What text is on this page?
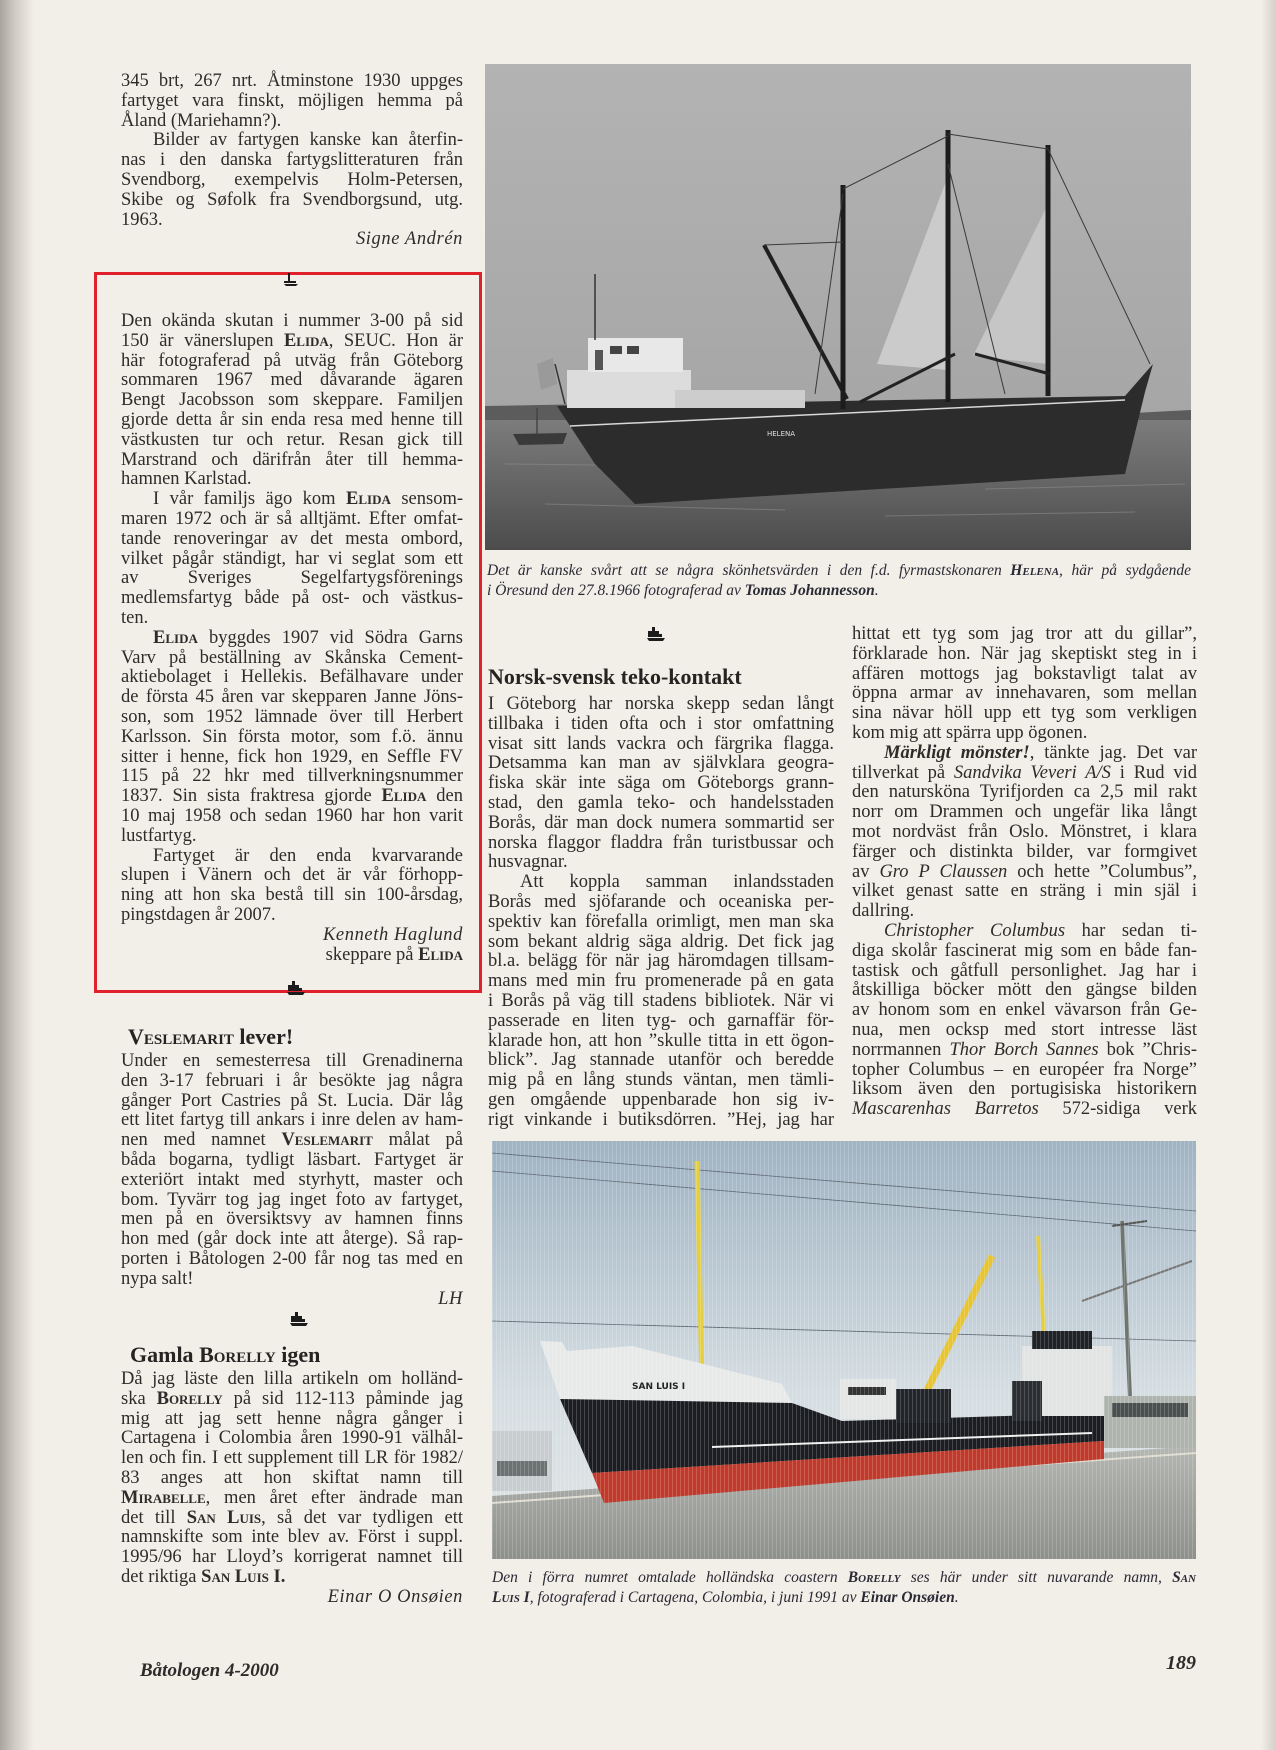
345 brt, 267 nrt. Åtminstone 1930 uppges
fartyget vara finskt, möjligen hemma på
Åland (Mariehamn?).
Bilder av fartygen kanske kan återfin-
nas i den danska fartygslitteraturen från
Svendborg, exempelvis Holm-Petersen,
Skibe og Søfolk fra Svendborgsund, utg.
1963.
Signe Andrén
Den okända skutan i nummer 3-00 på sid
150 är vänerslupen Elida, SEUC. Hon är
här fotograferad på utväg från Göteborg
sommaren 1967 med dåvarande ägaren
Bengt Jacobsson som skeppare. Familjen
gjorde detta år sin enda resa med henne till
västkusten tur och retur. Resan gick till
Marstrand och därifrån åter till hemma-
hamnen Karlstad.
I vår familjs ägo kom Elida sensom-
maren 1972 och är så alltjämt. Efter omfat-
tande renoveringar av det mesta ombord,
vilket pågår ständigt, har vi seglat som ett
av Sveriges Segelfartygsförenings
medlemsfartyg både på ost- och västkus-
ten.
Elida byggdes 1907 vid Södra Garns
Varv på beställning av Skånska Cement-
aktiebolaget i Hellekis. Befälhavare under
de första 45 åren var skepparen Janne Jöns-
son, som 1952 lämnade över till Herbert
Karlsson. Sin första motor, som f.ö. ännu
sitter i henne, fick hon 1929, en Seffle FV
115 på 22 hkr med tillverkningsnummer
1837. Sin sista fraktresa gjorde Elida den
10 maj 1958 och sedan 1960 har hon varit
lustfartyg.
Fartyget är den enda kvarvarande
slupen i Vänern och det är vår förhopp-
ning att hon ska bestå till sin 100-årsdag,
pingstdagen år 2007.
Kenneth Haglund
skeppare på Elida
Veslemarit lever!
Under en semesterresa till Grenadinerna
den 3-17 februari i år besökte jag några
gånger Port Castries på St. Lucia. Där låg
ett litet fartyg till ankars i inre delen av ham-
nen med namnet Veslemarit målat på
båda bogarna, tydligt läsbart. Fartyget är
exteriört intakt med styrhytt, master och
bom. Tyvärr tog jag inget foto av fartyget,
men på en översiktsvy av hamnen finns
hon med (går dock inte att återge). Så rap-
porten i Båtologen 2-00 får nog tas med en
nypa salt!
LH
Gamla Borelly igen
Då jag läste den lilla artikeln om holländ-
ska Borelly på sid 112-113 påminde jag
mig att jag sett henne några gånger i
Cartagena i Colombia åren 1990-91 välhål-
len och fin. I ett supplement till LR för 1982/
83 anges att hon skiftat namn till
Mirabelle, men året efter ändrade man
det till San Luis, så det var tydligen ett
namnskifte som inte blev av. Först i suppl.
1995/96 har Lloyd’s korrigerat namnet till
det riktiga San Luis I.
Einar O Onsøien
HELENA
Det är kanske svårt att se några skönhetsvärden i den f.d. fyrmastskonaren Helena, här på sydgående
i Öresund den 27.8.1966 fotograferad av Tomas Johannesson.
Norsk-svensk teko-kontakt
I Göteborg har norska skepp sedan långt
tillbaka i tiden ofta och i stor omfattning
visat sitt lands vackra och färgrika flagga.
Detsamma kan man av självklara geogra-
fiska skär inte säga om Göteborgs grann-
stad, den gamla teko- och handelsstaden
Borås, där man dock numera sommartid ser
norska flaggor fladdra från turistbussar och
husvagnar.
Att koppla samman inlandsstaden
Borås med sjöfarande och oceaniska per-
spektiv kan förefalla orimligt, men man ska
som bekant aldrig säga aldrig. Det fick jag
bl.a. belägg för när jag häromdagen tillsam-
mans med min fru promenerade på en gata
i Borås på väg till stadens bibliotek. När vi
passerade en liten tyg- och garnaffär för-
klarade hon, att hon ”skulle titta in ett ögon-
blick”. Jag stannade utanför och beredde
mig på en lång stunds väntan, men tämli-
gen omgående uppenbarade hon sig iv-
rigt vinkande i butiksdörren. ”Hej, jag har
hittat ett tyg som jag tror att du gillar”,
förklarade hon. När jag skeptiskt steg in i
affären mottogs jag bokstavligt talat av
öppna armar av innehavaren, som mellan
sina nävar höll upp ett tyg som verkligen
kom mig att spärra upp ögonen.
Märkligt mönster!, tänkte jag. Det var
tillverkat på Sandvika Veveri A/S i Rud vid
den natursköna Tyrifjorden ca 2,5 mil rakt
norr om Drammen och ungefär lika långt
mot nordväst från Oslo. Mönstret, i klara
färger och distinkta bilder, var formgivet
av Gro P Claussen och hette ”Columbus”,
vilket genast satte en sträng i min själ i
dallring.
Christopher Columbus har sedan ti-
diga skolår fascinerat mig som en både fan-
tastisk och gåtfull personlighet. Jag har i
åtskilliga böcker mött den gängse bilden
av honom som en enkel vävarson från Ge-
nua, men ocksp med stort intresse läst
norrmannen Thor Borch Sannes bok ”Chris-
topher Columbus – en européer fra Norge”
liksom även den portugisiska historikern
Mascarenhas Barretos 572-sidiga verk
SAN LUIS I
Den i förra numret omtalade holländska coastern Borelly ses här under sitt nuvarande namn, San
Luis I, fotograferad i Cartagena, Colombia, i juni 1991 av Einar Onsøien.
Båtologen 4-2000	189
